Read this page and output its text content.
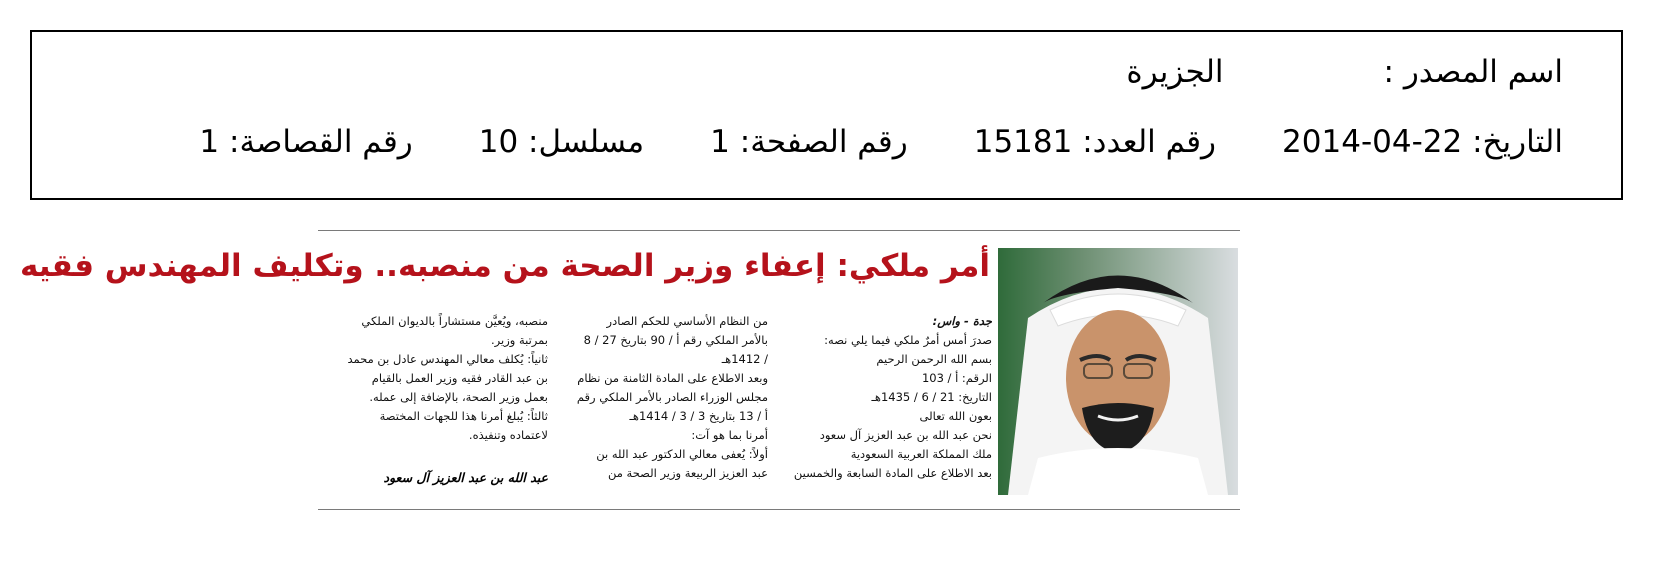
اسم المصدر :الجزيرة
التاريخ: 22-04-2014رقم العدد: 15181رقم الصفحة: 1مسلسل: 10رقم القصاصة: 1
أمر ملكي: إعفاء وزير الصحة من منصبه.. وتكليف المهندس فقيه
جدة - واس:
صدرَ أمس أمرٌ ملكي فيما يلي نصه:
بسم الله الرحمن الرحيم
الرقم: أ / 103
التاريخ: 21 / 6 / 1435هـ
بعون الله تعالى
نحن عبد الله بن عبد العزيز آل سعود
ملك المملكة العربية السعودية
بعد الاطلاع على المادة السابعة والخمسين
من النظام الأساسي للحكم الصادر
بالأمر الملكي رقم أ / 90 بتاريخ 27 / 8
/ 1412هـ
وبعد الاطلاع على المادة الثامنة من نظام
مجلس الوزراء الصادر بالأمر الملكي رقم
أ / 13 بتاريخ 3 / 3 / 1414هـ
أمرنا بما هو آت:
أولاً: يُعفى معالي الدكتور عبد الله بن
عبد العزيز الربيعة وزير الصحة من
منصبه، ويُعيَّن مستشاراً بالديوان الملكي
بمرتبة وزير.
ثانياً: يُكلف معالي المهندس عادل بن محمد
بن عبد القادر فقيه وزير العمل بالقيام
بعمل وزير الصحة، بالإضافة إلى عمله.
ثالثاً: يُبلغ أمرنا هذا للجهات المختصة
لاعتماده وتنفيذه.
عبد الله بن عبد العزيز آل سعود
